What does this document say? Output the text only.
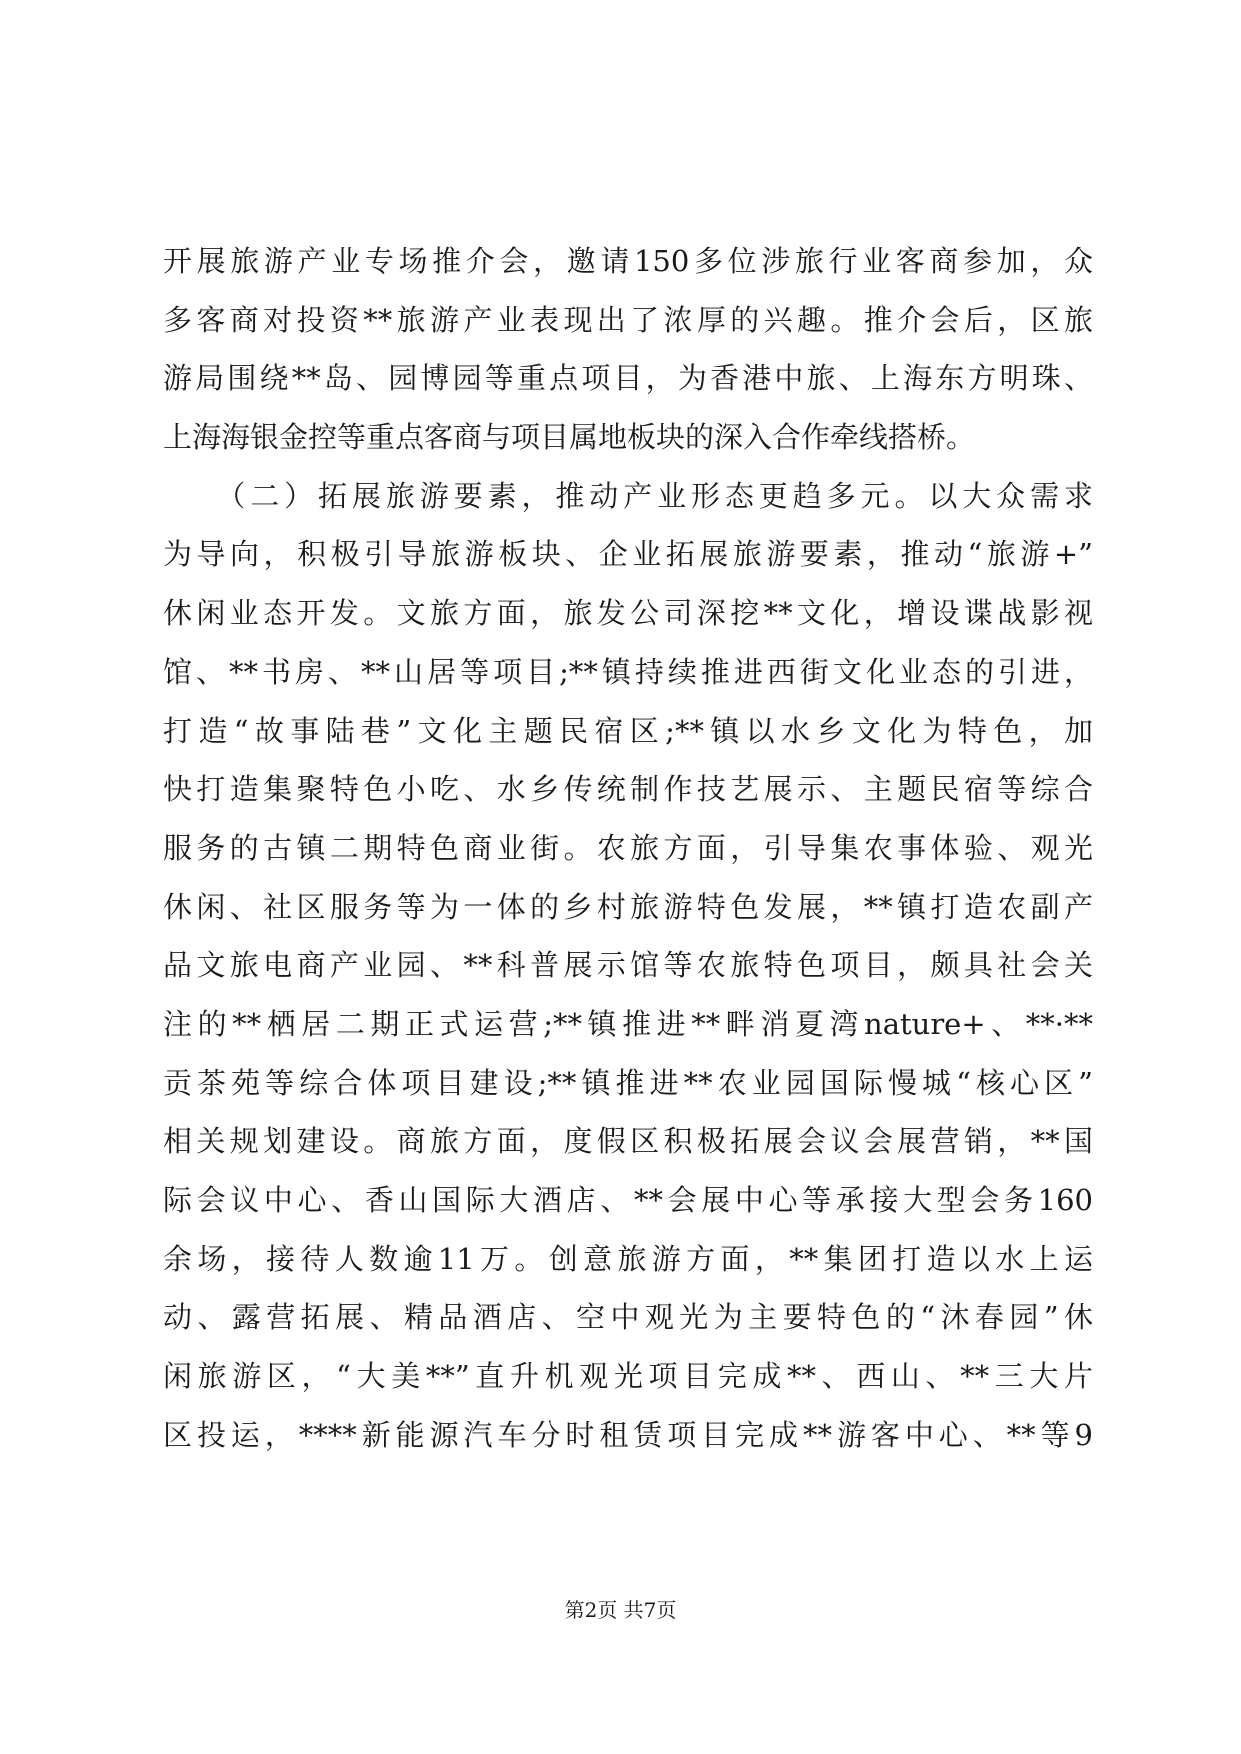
开展旅游产业专场推介会，邀请150多位涉旅行业客商参加，众
多客商对投资**旅游产业表现出了浓厚的兴趣。推介会后，区旅
游局围绕**岛、园博园等重点项目，为香港中旅、上海东方明珠、
上海海银金控等重点客商与项目属地板块的深入合作牵线搭桥。
　　（二）拓展旅游要素，推动产业形态更趋多元。以大众需求
为导向，积极引导旅游板块、企业拓展旅游要素，推动“旅游+”
休闲业态开发。文旅方面，旅发公司深挖**文化，增设谍战影视
馆、**书房、**山居等项目;**镇持续推进西街文化业态的引进，
打造“故事陆巷”文化主题民宿区;**镇以水乡文化为特色，加
快打造集聚特色小吃、水乡传统制作技艺展示、主题民宿等综合
服务的古镇二期特色商业街。农旅方面，引导集农事体验、观光
休闲、社区服务等为一体的乡村旅游特色发展，**镇打造农副产
品文旅电商产业园、**科普展示馆等农旅特色项目，颇具社会关
注的**栖居二期正式运营;**镇推进**畔消夏湾nature+、**·**
贡茶苑等综合体项目建设;**镇推进**农业园国际慢城“核心区”
相关规划建设。商旅方面，度假区积极拓展会议会展营销，**国
际会议中心、香山国际大酒店、**会展中心等承接大型会务160
余场，接待人数逾11万。创意旅游方面，**集团打造以水上运
动、露营拓展、精品酒店、空中观光为主要特色的“沐春园”休
闲旅游区，“大美**”直升机观光项目完成**、西山、**三大片
区投运，****新能源汽车分时租赁项目完成**游客中心、**等9
第2页 共7页
